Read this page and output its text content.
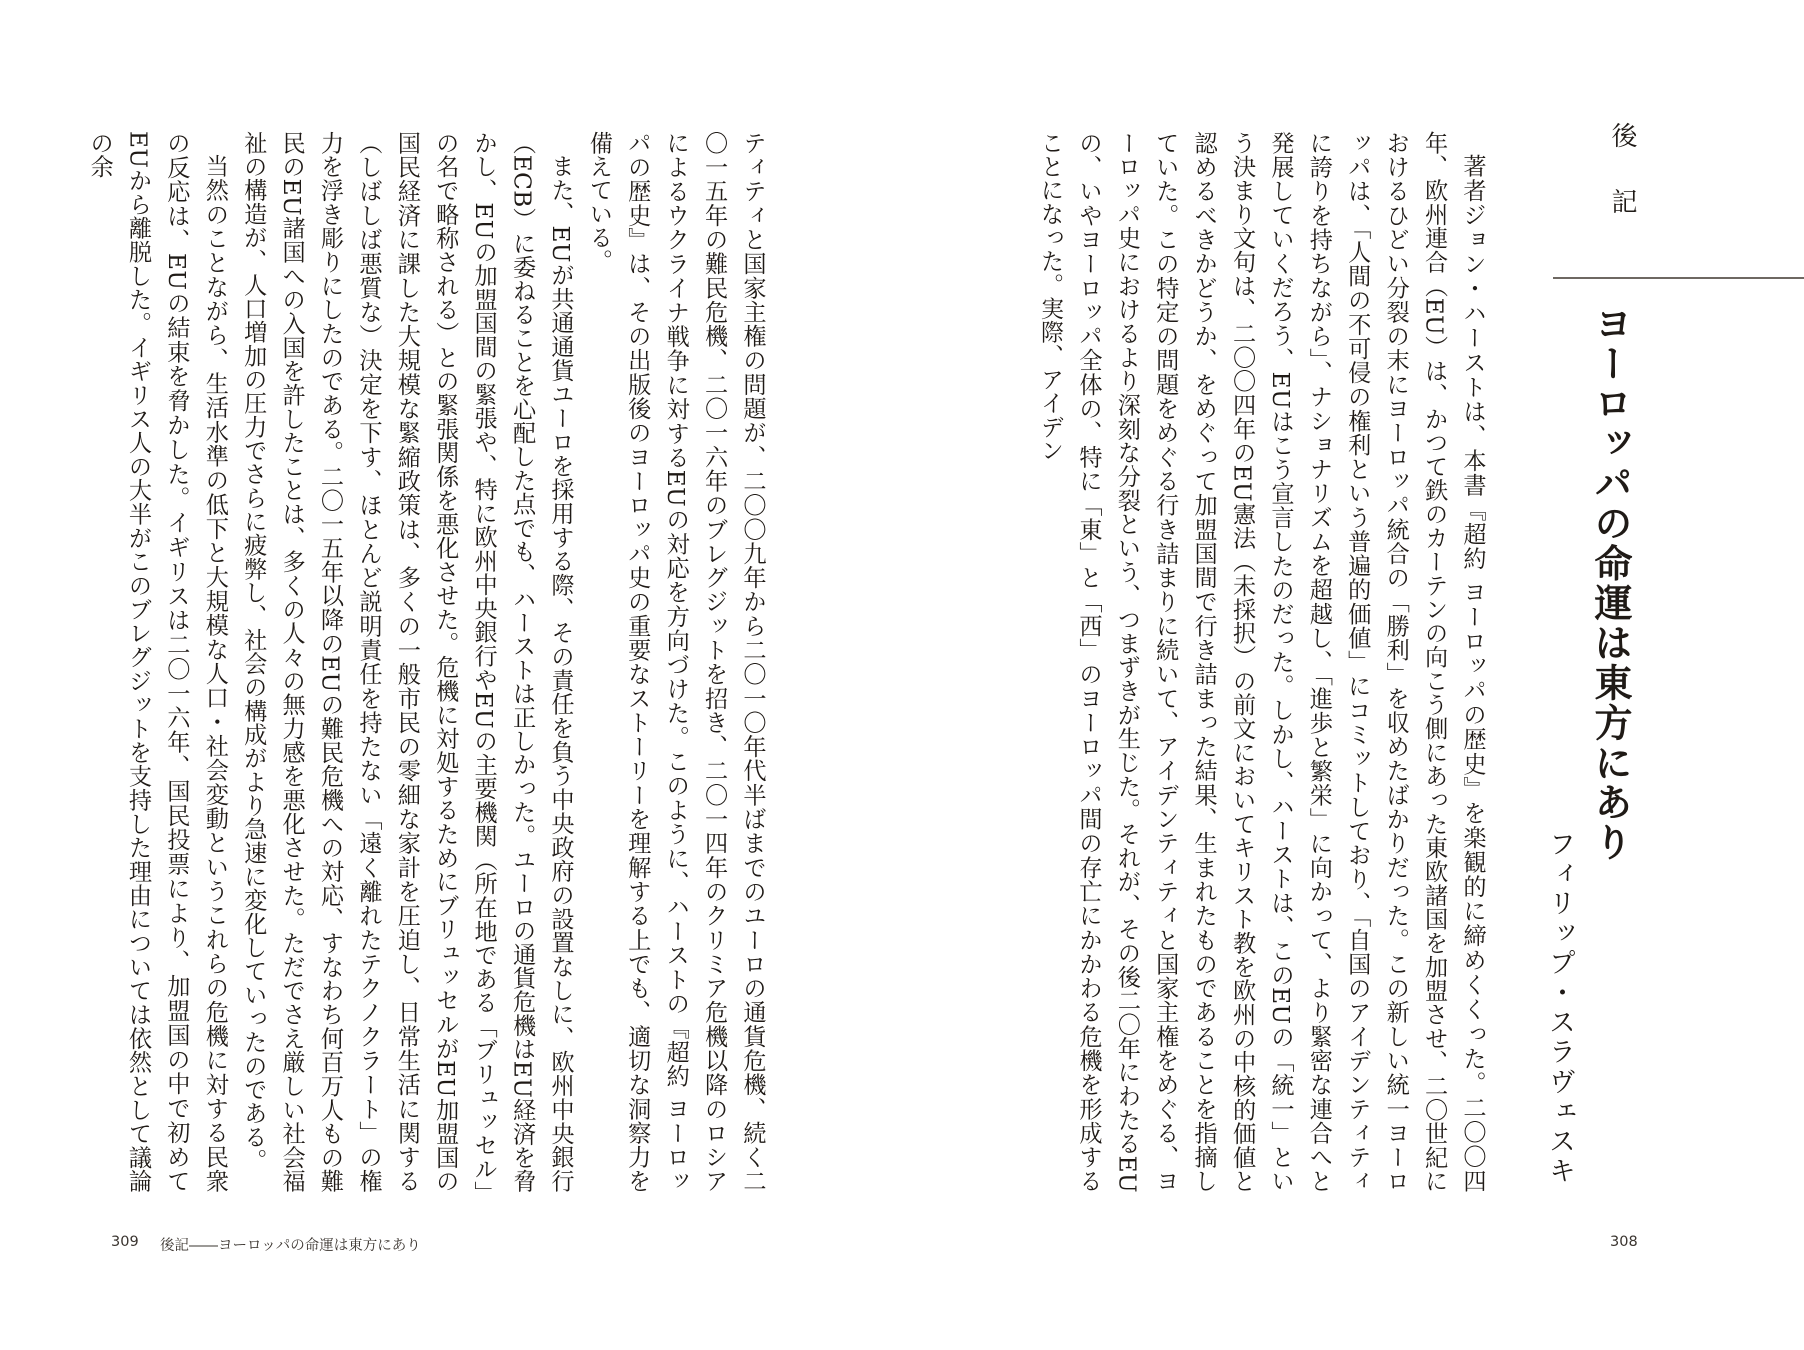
ティティと国家主権の問題が、二〇〇九年から二〇一〇年代半ばまでのユーロの通貨危機、続く二〇一五年の難民危機、二〇一六年のブレグジットを招き、二〇一四年のクリミア危機以降のロシアによるウクライナ戦争に対するEUの対応を方向づけた。このように、ハーストの『超約 ヨーロッパの歴史』は、その出版後のヨーロッパ史の重要なストーリーを理解する上でも、適切な洞察力を備えている。

また、EUが共通通貨ユーロを採用する際、その責任を負う中央政府の設置なしに、欧州中央銀行（ECB）に委ねることを心配した点でも、ハーストは正しかった。ユーロの通貨危機はEU経済を脅かし、EUの加盟国間の緊張や、特に欧州中央銀行やEUの主要機関（所在地である「ブリュッセル」の名で略称される）との緊張関係を悪化させた。危機に対処するためにブリュッセルがEU加盟国の国民経済に課した大規模な緊縮政策は、多くの一般市民の零細な家計を圧迫し、日常生活に関する（しばしば悪質な）決定を下す、ほとんど説明責任を持たない「遠く離れたテクノクラート」の権力を浮き彫りにしたのである。二〇一五年以降のEUの難民危機への対応、すなわち何百万人もの難民のEU諸国への入国を許したことは、多くの人々の無力感を悪化させた。ただでさえ厳しい社会福祉の構造が、人口増加の圧力でさらに疲弊し、社会の構成がより急速に変化していったのである。

当然のことながら、生活水準の低下と大規模な人口・社会変動というこれらの危機に対する民衆の反応は、EUの結束を脅かした。イギリスは二〇一六年、国民投票により、加盟国の中で初めてEUから離脱した。イギリス人の大半がこのブレグジットを支持した理由については依然として議論の余

309 後記――ヨーロッパの命運は東方にあり
後記
ヨーロッパの命運は東方にあり
フィリップ・スラヴェスキ

著者ジョン・ハーストは、本書『超約 ヨーロッパの歴史』を楽観的に締めくくった。二〇〇四年、欧州連合（EU）は、かつて鉄のカーテンの向こう側にあった東欧諸国を加盟させ、二〇世紀におけるひどい分裂の末にヨーロッパ統合の「勝利」を収めたばかりだった。この新しい統一ヨーロッパは、「人間の不可侵の権利という普遍的価値」にコミットしており、「自国のアイデンティティに誇りを持ちながら」、ナショナリズムを超越し、「進歩と繁栄」に向かって、より緊密な連合へと発展していくだろう、EUはこう宣言したのだった。しかし、ハーストは、このEUの「統一」という決まり文句は、二〇〇四年のEU憲法（未採択）の前文においてキリスト教を欧州の中核的価値と認めるべきかどうか、をめぐって加盟国間で行き詰まった結果、生まれたものであることを指摘していた。この特定の問題をめぐる行き詰まりに続いて、アイデンティティと国家主権をめぐる、ヨーロッパ史におけるより深刻な分裂という、つまずきが生じた。それが、その後二〇年にわたるEUの、いやヨーロッパ全体の、特に「東」と「西」のヨーロッパ間の存亡にかかわる危機を形成することになった。実際、アイデン

308
